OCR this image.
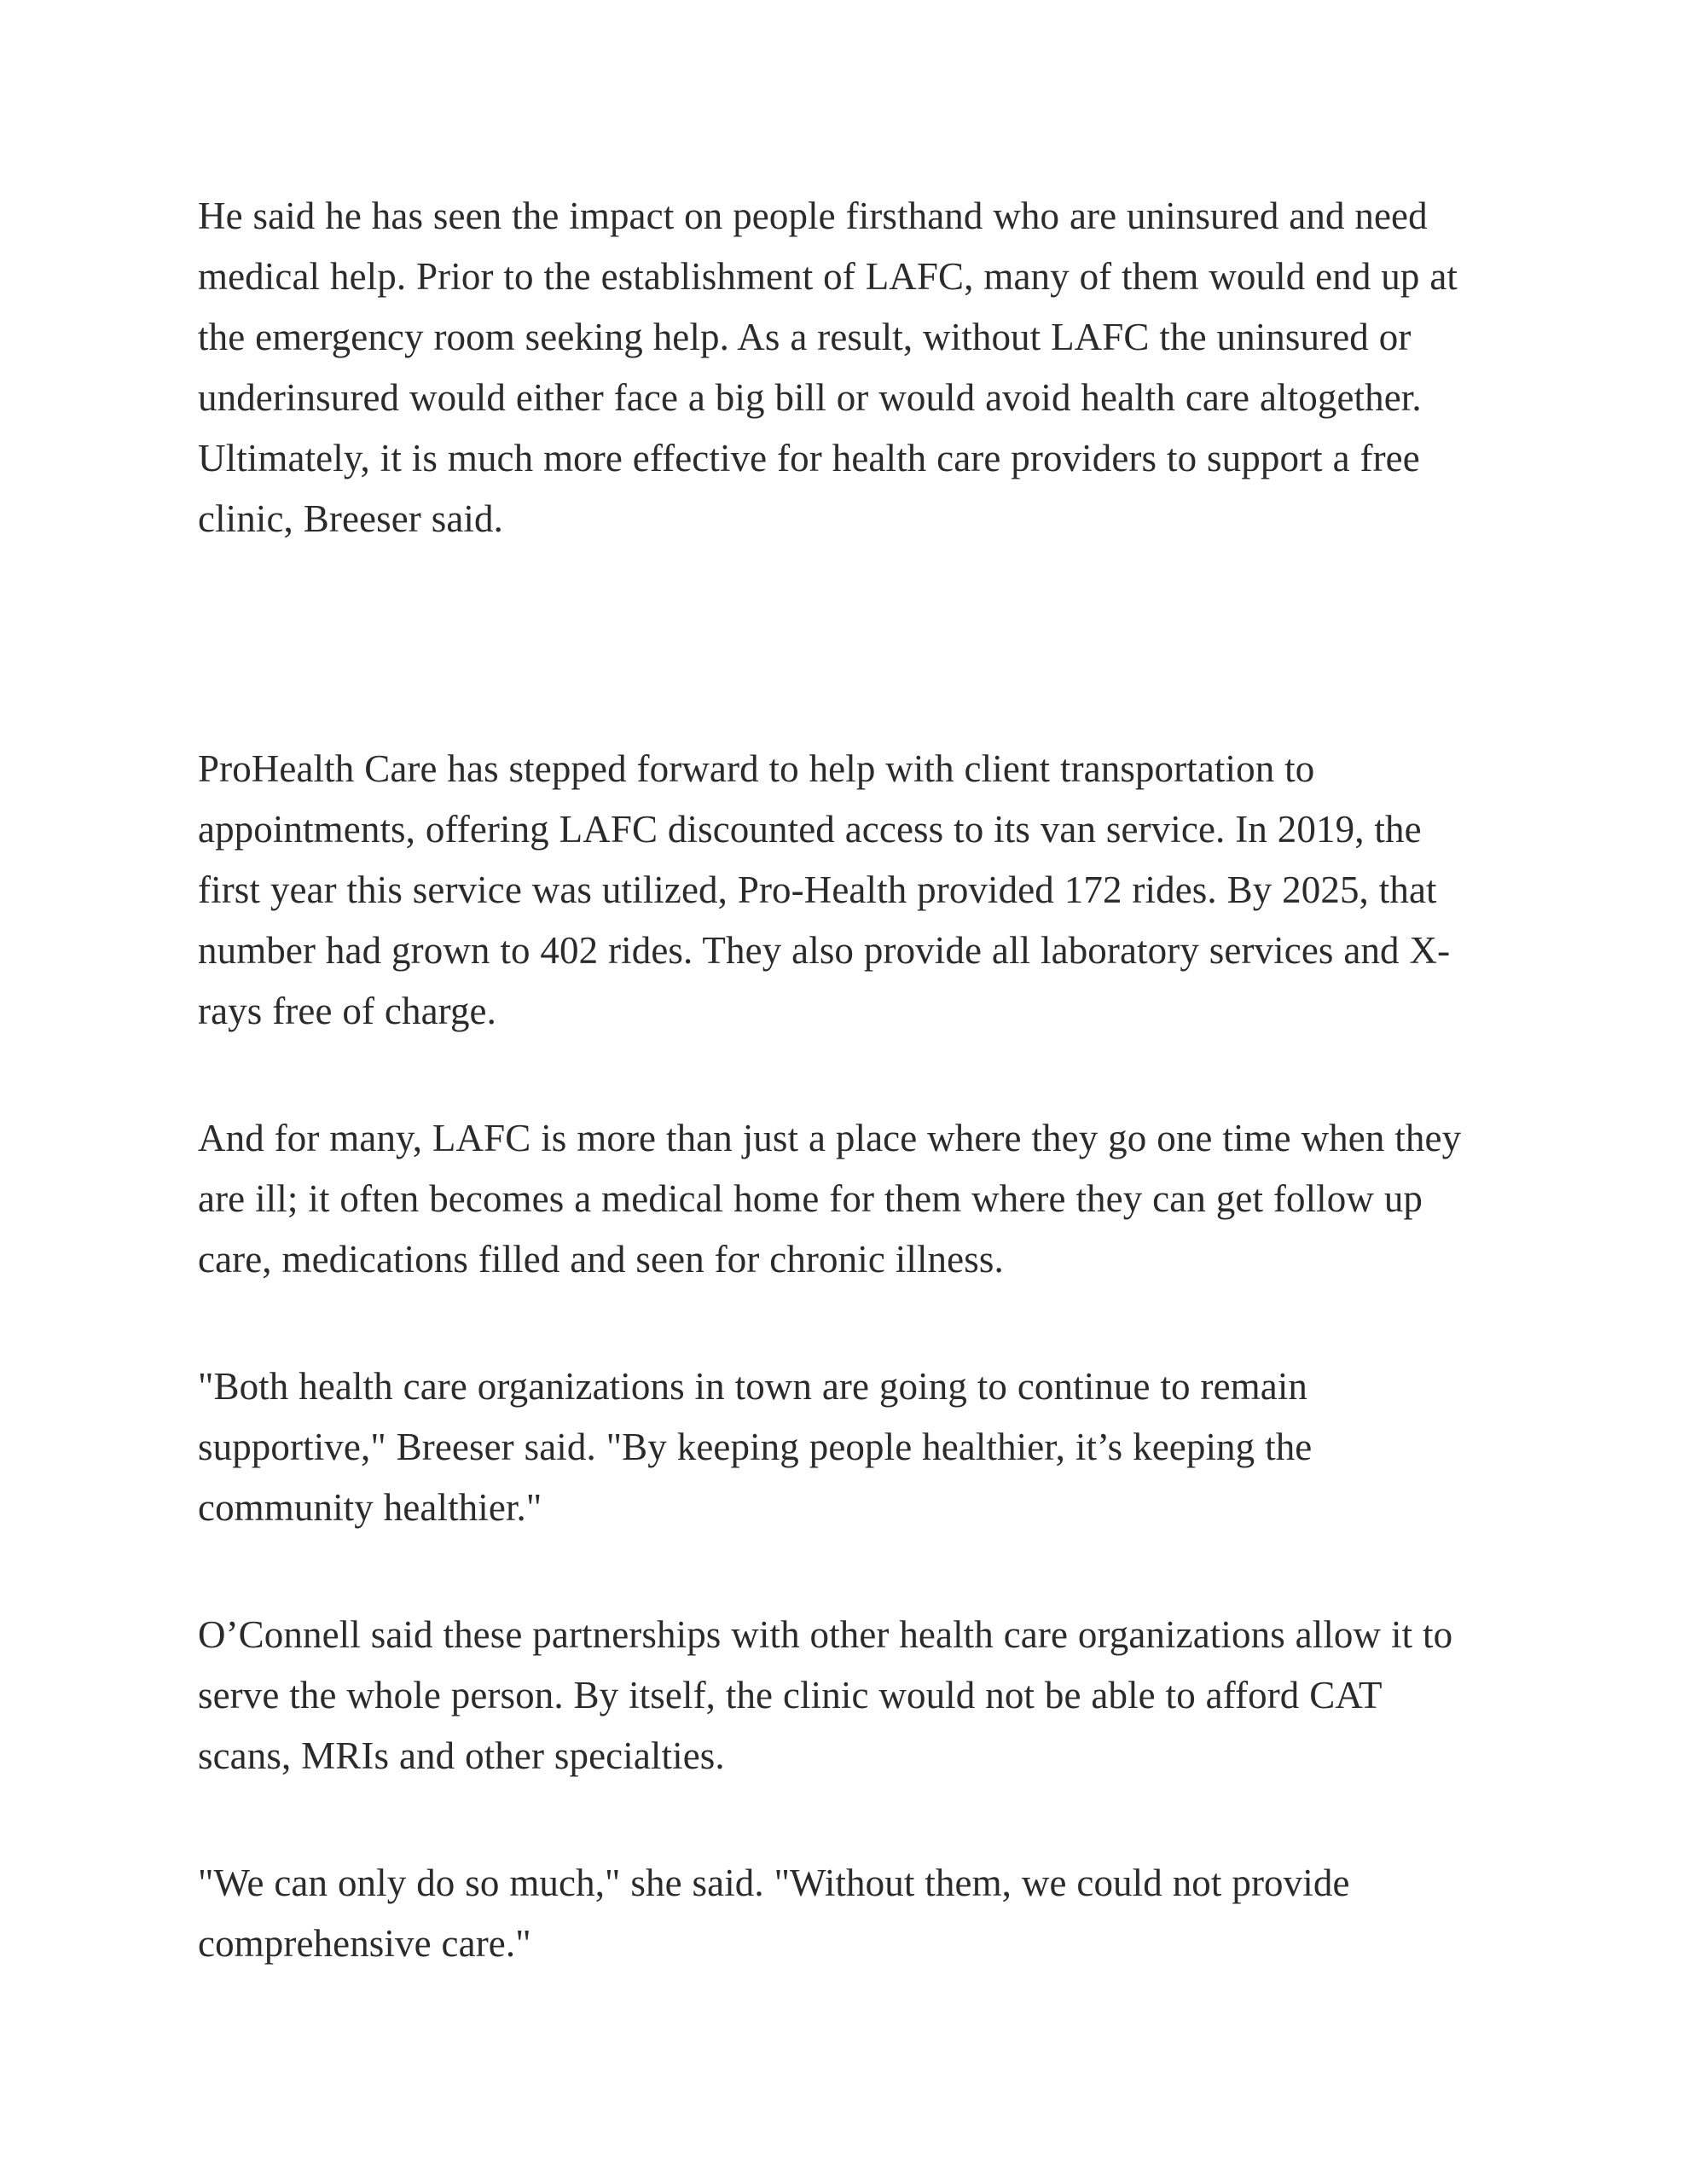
He said he has seen the impact on people firsthand who are uninsured and need medical help. Prior to the establishment of LAFC, many of them would end up at the emergency room seeking help. As a result, without LAFC the uninsured or underinsured would either face a big bill or would avoid health care altogether. Ultimately, it is much more effective for health care providers to support a free clinic, Breeser said.

ProHealth Care has stepped forward to help with client transportation to appointments, offering LAFC discounted access to its van service. In 2019, the first year this service was utilized, Pro-Health provided 172 rides. By 2025, that number had grown to 402 rides. They also provide all laboratory services and X-rays free of charge.

And for many, LAFC is more than just a place where they go one time when they are ill; it often becomes a medical home for them where they can get follow up care, medications filled and seen for chronic illness.

"Both health care organizations in town are going to continue to remain supportive," Breeser said. "By keeping people healthier, it’s keeping the community healthier."

O’Connell said these partnerships with other health care organizations allow it to serve the whole person. By itself, the clinic would not be able to afford CAT scans, MRIs and other specialties.

"We can only do so much," she said. "Without them, we could not provide comprehensive care."
